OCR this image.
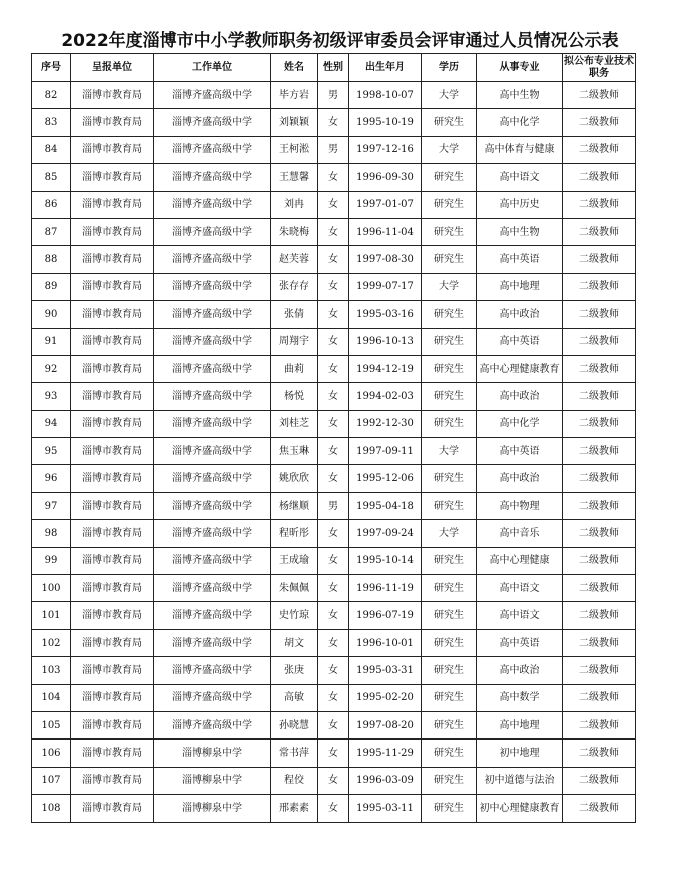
2022年度淄博市中小学教师职务初级评审委员会评审通过人员情况公示表
序号	呈报单位	工作单位	姓名	性别	出生年月	学历	从事专业	拟公布专业技术职务
82	淄博市教育局	淄博齐盛高级中学	毕方岩	男	1998-10-07	大学	高中生物	二级教师
83	淄博市教育局	淄博齐盛高级中学	刘颖颖	女	1995-10-19	研究生	高中化学	二级教师
84	淄博市教育局	淄博齐盛高级中学	王柯淞	男	1997-12-16	大学	高中体育与健康	二级教师
85	淄博市教育局	淄博齐盛高级中学	王慧馨	女	1996-09-30	研究生	高中语文	二级教师
86	淄博市教育局	淄博齐盛高级中学	刘冉	女	1997-01-07	研究生	高中历史	二级教师
87	淄博市教育局	淄博齐盛高级中学	朱晓梅	女	1996-11-04	研究生	高中生物	二级教师
88	淄博市教育局	淄博齐盛高级中学	赵芙蓉	女	1997-08-30	研究生	高中英语	二级教师
89	淄博市教育局	淄博齐盛高级中学	张存存	女	1999-07-17	大学	高中地理	二级教师
90	淄博市教育局	淄博齐盛高级中学	张倩	女	1995-03-16	研究生	高中政治	二级教师
91	淄博市教育局	淄博齐盛高级中学	周翔宇	女	1996-10-13	研究生	高中英语	二级教师
92	淄博市教育局	淄博齐盛高级中学	曲莉	女	1994-12-19	研究生	高中心理健康教育	二级教师
93	淄博市教育局	淄博齐盛高级中学	杨悦	女	1994-02-03	研究生	高中政治	二级教师
94	淄博市教育局	淄博齐盛高级中学	刘桂芝	女	1992-12-30	研究生	高中化学	二级教师
95	淄博市教育局	淄博齐盛高级中学	焦玉琳	女	1997-09-11	大学	高中英语	二级教师
96	淄博市教育局	淄博齐盛高级中学	姚欣欣	女	1995-12-06	研究生	高中政治	二级教师
97	淄博市教育局	淄博齐盛高级中学	杨继顺	男	1995-04-18	研究生	高中物理	二级教师
98	淄博市教育局	淄博齐盛高级中学	程昕彤	女	1997-09-24	大学	高中音乐	二级教师
99	淄博市教育局	淄博齐盛高级中学	王成瑜	女	1995-10-14	研究生	高中心理健康	二级教师
100	淄博市教育局	淄博齐盛高级中学	朱佩佩	女	1996-11-19	研究生	高中语文	二级教师
101	淄博市教育局	淄博齐盛高级中学	史竹琼	女	1996-07-19	研究生	高中语文	二级教师
102	淄博市教育局	淄博齐盛高级中学	胡文	女	1996-10-01	研究生	高中英语	二级教师
103	淄博市教育局	淄博齐盛高级中学	张庚	女	1995-03-31	研究生	高中政治	二级教师
104	淄博市教育局	淄博齐盛高级中学	高敏	女	1995-02-20	研究生	高中数学	二级教师
105	淄博市教育局	淄博齐盛高级中学	孙晓慧	女	1997-08-20	研究生	高中地理	二级教师
106	淄博市教育局	淄博柳泉中学	常书萍	女	1995-11-29	研究生	初中地理	二级教师
107	淄博市教育局	淄博柳泉中学	程佼	女	1996-03-09	研究生	初中道德与法治	二级教师
108	淄博市教育局	淄博柳泉中学	邢素素	女	1995-03-11	研究生	初中心理健康教育	二级教师
